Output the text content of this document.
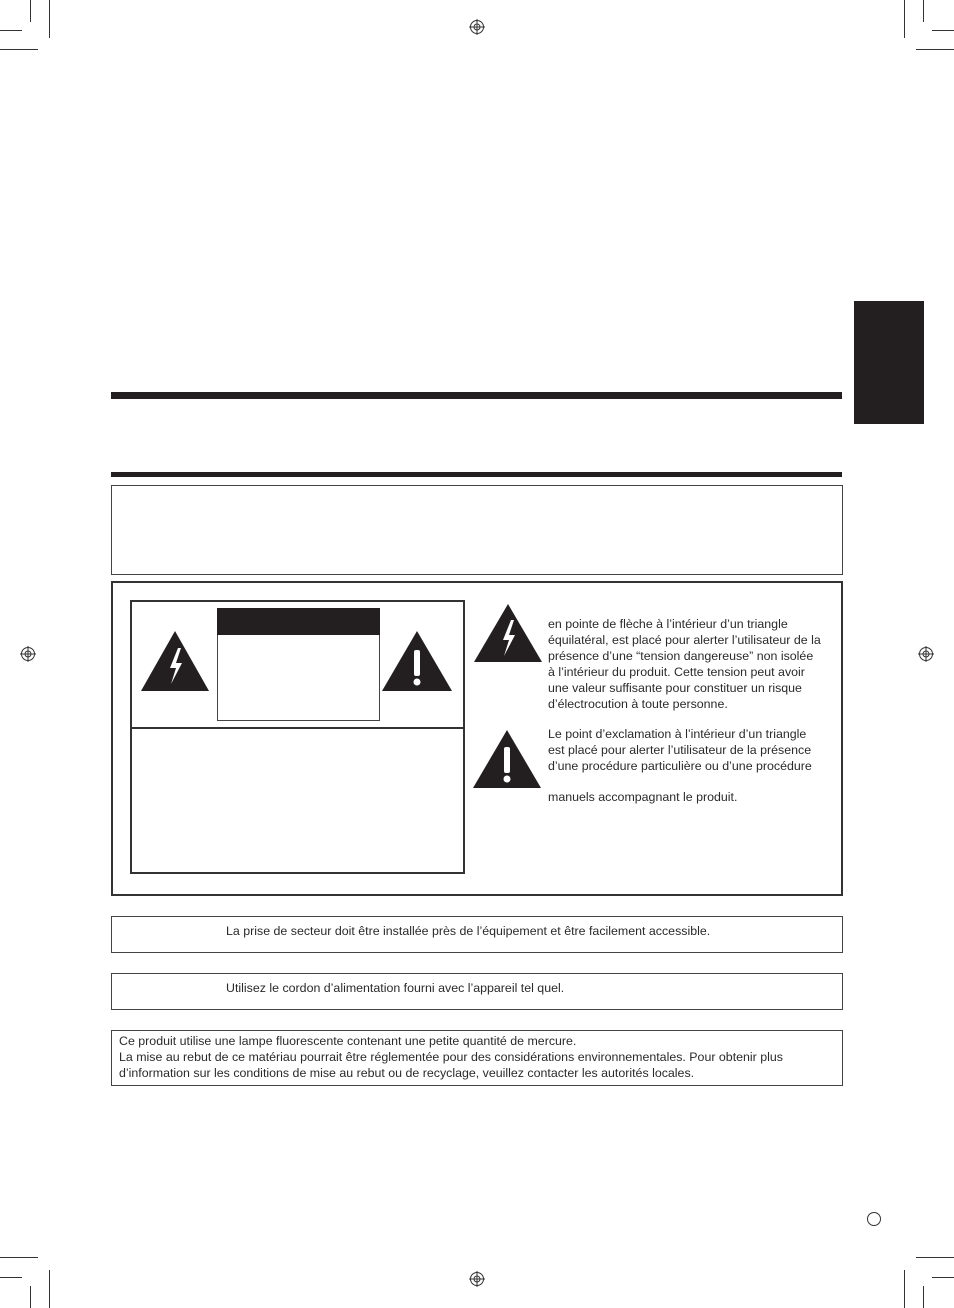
en pointe de flèche à l’intérieur d’un triangle

équilatéral, est placé pour alerter l’utilisateur de la

présence d’une “tension dangereuse” non isolée

à l’intérieur du produit. Cette tension peut avoir

une valeur suffisante pour constituer un risque

d’électrocution à toute personne.

Le point d’exclamation à l’intérieur d’un triangle

est placé pour alerter l’utilisateur de la présence

d’une procédure particulière ou d’une procédure

manuels accompagnant le produit.
La prise de secteur doit être installée près de l’équipement et être facilement accessible.
Utilisez le cordon d’alimentation fourni avec l’appareil tel quel.

Ce produit utilise une lampe fluorescente contenant une petite quantité de mercure.

La mise au rebut de ce matériau pourrait être réglementée pour des considérations environnementales. Pour obtenir plus d’information sur les conditions de mise au rebut ou de recyclage, veuillez contacter les autorités locales.
